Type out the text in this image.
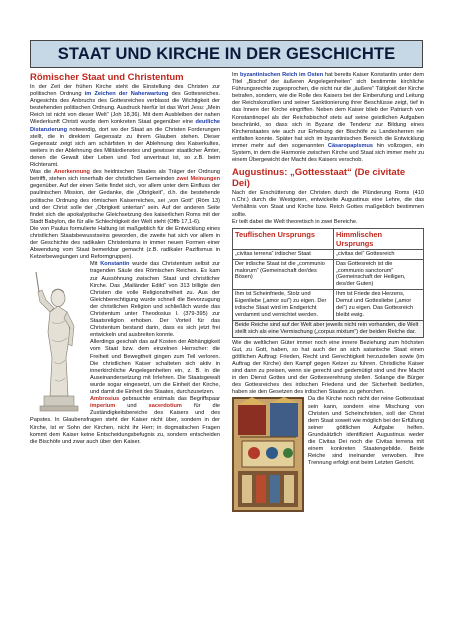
STAAT UND KIRCHE IN DER GESCHICHTE
Römischer Staat und Christentum

In der Zeit der frühen Kirche steht die Einstellung des Christen zur politischen Ordnung im Zeichen der Naherwartung des Gottesreiches. Angesichts des Anbruchs des Gottesreiches verblasst die Wichtigkeit der bestehenden politischen Ordnung. Ausdruck hierfür ist das Wort Jesu: „Mein Reich ist nicht von dieser Welt“ (Joh 18,36). Mit dem Ausbleiben der nahen Wiederkunft Christi wurde dem konkreten Staat gegenüber eine deutliche Distanzierung notwendig, dort wo der Staat an die Christen Forderungen stellt, die in direktem Gegensatz zu ihrem Glauben stehen. Dieser Gegensatz zeigt sich am schärfsten in der Ablehnung des Kaiserkultes, weiters in der Ablehnung des Militärdienstes und gewisser staatlicher Ämter, denen die Gewalt über Leben und Tod anvertraut ist, so z.B. beim Richteramt.

Was die Anerkennung des heidnischen Staates als Träger der Ordnung betrifft, stehen sich innerhalb der christlichen Gemeinden zwei Meinungen gegenüber. Auf der einen Seite findet sich, vor allem unter dem Einfluss der paulinischen Mission, der Gedanke, die „Obrigkeit“, d.h. die bestehende politische Ordnung des römischen Kaiserreiches, sei „von Gott“ (Röm 13) und der Christ solle der „Obrigkeit untertan“ sein. Auf der anderen Seite findet sich die apokalyptische Gleichsetzung des kaiserlichen Roms mit der Stadt Babylon, die für alle Schlechtigkeit der Welt steht (Offb 17,1-6).

Die von Paulus formulierte Haltung ist maßgeblich für die Entwicklung eines christlichen Staatsbewusstseins geworden, die zweite hat sich vor allem in der Geschichte des radikalen Christentums in immer neuen Formen einer Abwendung vom Staat bemerkbar gemacht (z.B. radikaler Pazifismus in Ketzerbewegungen und Reformgruppen).

Mit Konstantin wurde das Christentum selbst zur tragenden Säule des Römischen Reiches. Es kam zur Aussöhnung zwischen Staat und christlicher Kirche. Das „Mailänder Edikt“ von 313 billigte den Christen die volle Religionsfreiheit zu. Aus der Gleichberechtigung wurde schnell die Bevorzugung der christlichen Religion und schließlich wurde das Christentum unter Theodosius I. (379-395) zur Staatsreligion erhoben. Der Vorteil für das Christentum bestand darin, dass es sich jetzt frei entwickeln und ausbreiten konnte.

Allerdings geschah das auf Kosten der Abhängigkeit vom Staat bzw. dem einzelnen Herrscher: die Freiheit und Bewegtheit gingen zum Teil verloren. Die christlichen Kaiser schalteten sich aktiv in innerkirchliche Angelegenheiten ein, z. B. in die Auseinandersetzung mit Irrlehren. Die Staatsgewalt wurde sogar eingesetzt, um die Einheit der Kirche, und damit die Einheit des Staates, durchzusetzen.

Ambrosius gebrauchte erstmals das Begriffspaar imperium und sacerdotium für die Zuständigkeitsbereiche des Kaisers und des Papstes. In Glaubensfragen steht der Kaiser nicht über, sondern in der Kirche, ist er Sohn der Kirchen, nicht ihr Herr; in dogmatischen Fragen kommt dem Kaiser keine Entscheidungsbefugnis zu, sondern entscheiden die Bischöfe und zwar auch über den Kaiser.

Im byzantinischen Reich im Osten hat bereits Kaiser Konstantin unter dem Titel „Bischof der äußeren Angelegenheiten“ sich bestimmte kirchliche Führungsrechte zugesprochen, die nicht nur die „äußere“ Tätigkeit der Kirche betrafen, sondern, wie die Rolle des Kaisers bei der Einberufung und Leitung der Reichskonzilien und seiner Sanktionierung ihrer Beschlüsse zeigt, tief in das Innere der Kirche eingriffen. Neben dem Kaiser blieb der Patriarch von Konstantinopel als der Reichsbischof stets auf seine geistlichen Aufgaben beschränkt, so dass sich in Byzanz die Tendenz zur Bildung eines Kirchenstaates wie auch zur Erhebung der Bischöfe zu Landesherren nie entfalten konnte. Später hat sich im byzantinischen Bereich die Entwicklung immer mehr auf den sogenannten Cäsaropapismus hin vollzogen, ein System, in dem die Harmonie zwischen Kirche und Staat sich immer mehr zu einem Übergewicht der Macht des Kaisers verschob.

Augustinus: „Gottesstaat“ (De civitate Dei)

Nach der Erschütterung der Christen durch die Plünderung Roms (410 n.Chr.) durch die Westgoten, entwickelte Augustinus eine Lehre, die das Verhältnis von Staat und Kirche bzw. Reich Gottes maßgeblich bestimmen sollte.

Er teilt dabei die Welt theoretisch in zwei Bereiche.

Teuflischen Ursprungs	Himmlischen Ursprungs
„civitas terrena“ irdischer Staat	„civitas dei“ Gottesreich
Der irdische Staat ist die „communio malorum“ (Gemeinschaft der/des Bösen)	Das Gottesreich ist die „communio sanctorum“ (Gemeinschaft der Heiligen, des/der Guten)
Ihm ist Scheinfriede, Stolz und Eigenliebe („amor sui“) zu eigen. Der irdische Staat wird im Endgericht verdammt und vernichtet werden.	Ihm ist Friede des Herzens, Demut und Gottesliebe („amor dei“) zu eigen. Das Gottesreich bleibt ewig.
Beide Reiche sind auf der Welt aber jeweils nicht rein vorhanden, die Welt stellt sich als eine Vermischung („corpus mixtum“) der beiden Reiche dar.	

Wie die weltlichen Güter immer noch eine innere Beziehung zum höchsten Gut, zu Gott, haben, so hat auch der an sich satanische Staat einen göttlichen Auftrag: Frieden, Recht und Gerechtigkeit herzustellen sowie (im Auftrag der Kirche) den Kampf gegen Ketzer zu führen. Christliche Kaiser sind dann zu preisen, wenn sie gerecht und gedemütigt sind und ihre Macht in den Dienst Gottes und der Gottesverehrung stellen. Solange die Bürger des Gottesreiches des irdischen Friedens und der Sicherheit bedürfen, haben sie den Gesetzen des irdischen Staates zu gehorchen.

Da die Kirche noch nicht der reine Gottesstaat sein kann, sondern eine Mischung von Christen und Scheinchristen, soll der Christ dem Staat soweit wie möglich bei der Erfüllung seiner göttlichen Aufgabe helfen. Grundsätzlich identifiziert Augustinus weder die Civitas Dei noch die Civitas terrena mit einem konkreten Staatengebilde. Beide Reiche sind ineinander verwoben. Ihre Trennung erfolgt erst beim Letzten Gericht.
